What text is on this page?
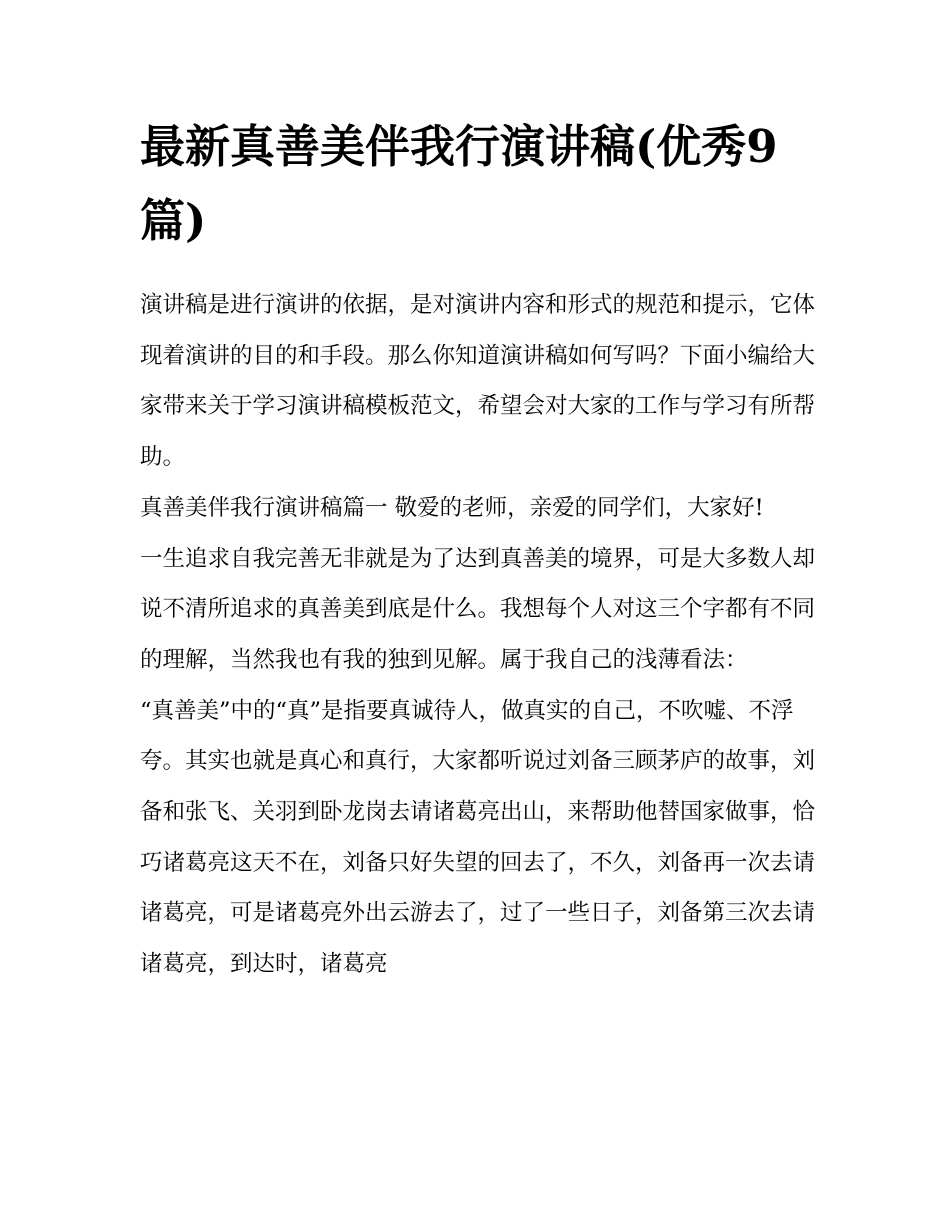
最新真善美伴我行演讲稿(优秀9篇)

演讲稿是进行演讲的依据，是对演讲内容和形式的规范和提示，它体现着演讲的目的和手段。那么你知道演讲稿如何写吗？下面小编给大家带来关于学习演讲稿模板范文，希望会对大家的工作与学习有所帮助。

真善美伴我行演讲稿篇一 敬爱的老师，亲爱的同学们，大家好!

一生追求自我完善无非就是为了达到真善美的境界，可是大多数人却说不清所追求的真善美到底是什么。我想每个人对这三个字都有不同的理解，当然我也有我的独到见解。属于我自己的浅薄看法：

“真善美”中的“真”是指要真诚待人，做真实的自己，不吹嘘、不浮夸。其实也就是真心和真行，大家都听说过刘备三顾茅庐的故事，刘备和张飞、关羽到卧龙岗去请诸葛亮出山，来帮助他替国家做事，恰巧诸葛亮这天不在，刘备只好失望的回去了，不久，刘备再一次去请诸葛亮，可是诸葛亮外出云游去了，过了一些日子，刘备第三次去请诸葛亮，到达时，诸葛亮
